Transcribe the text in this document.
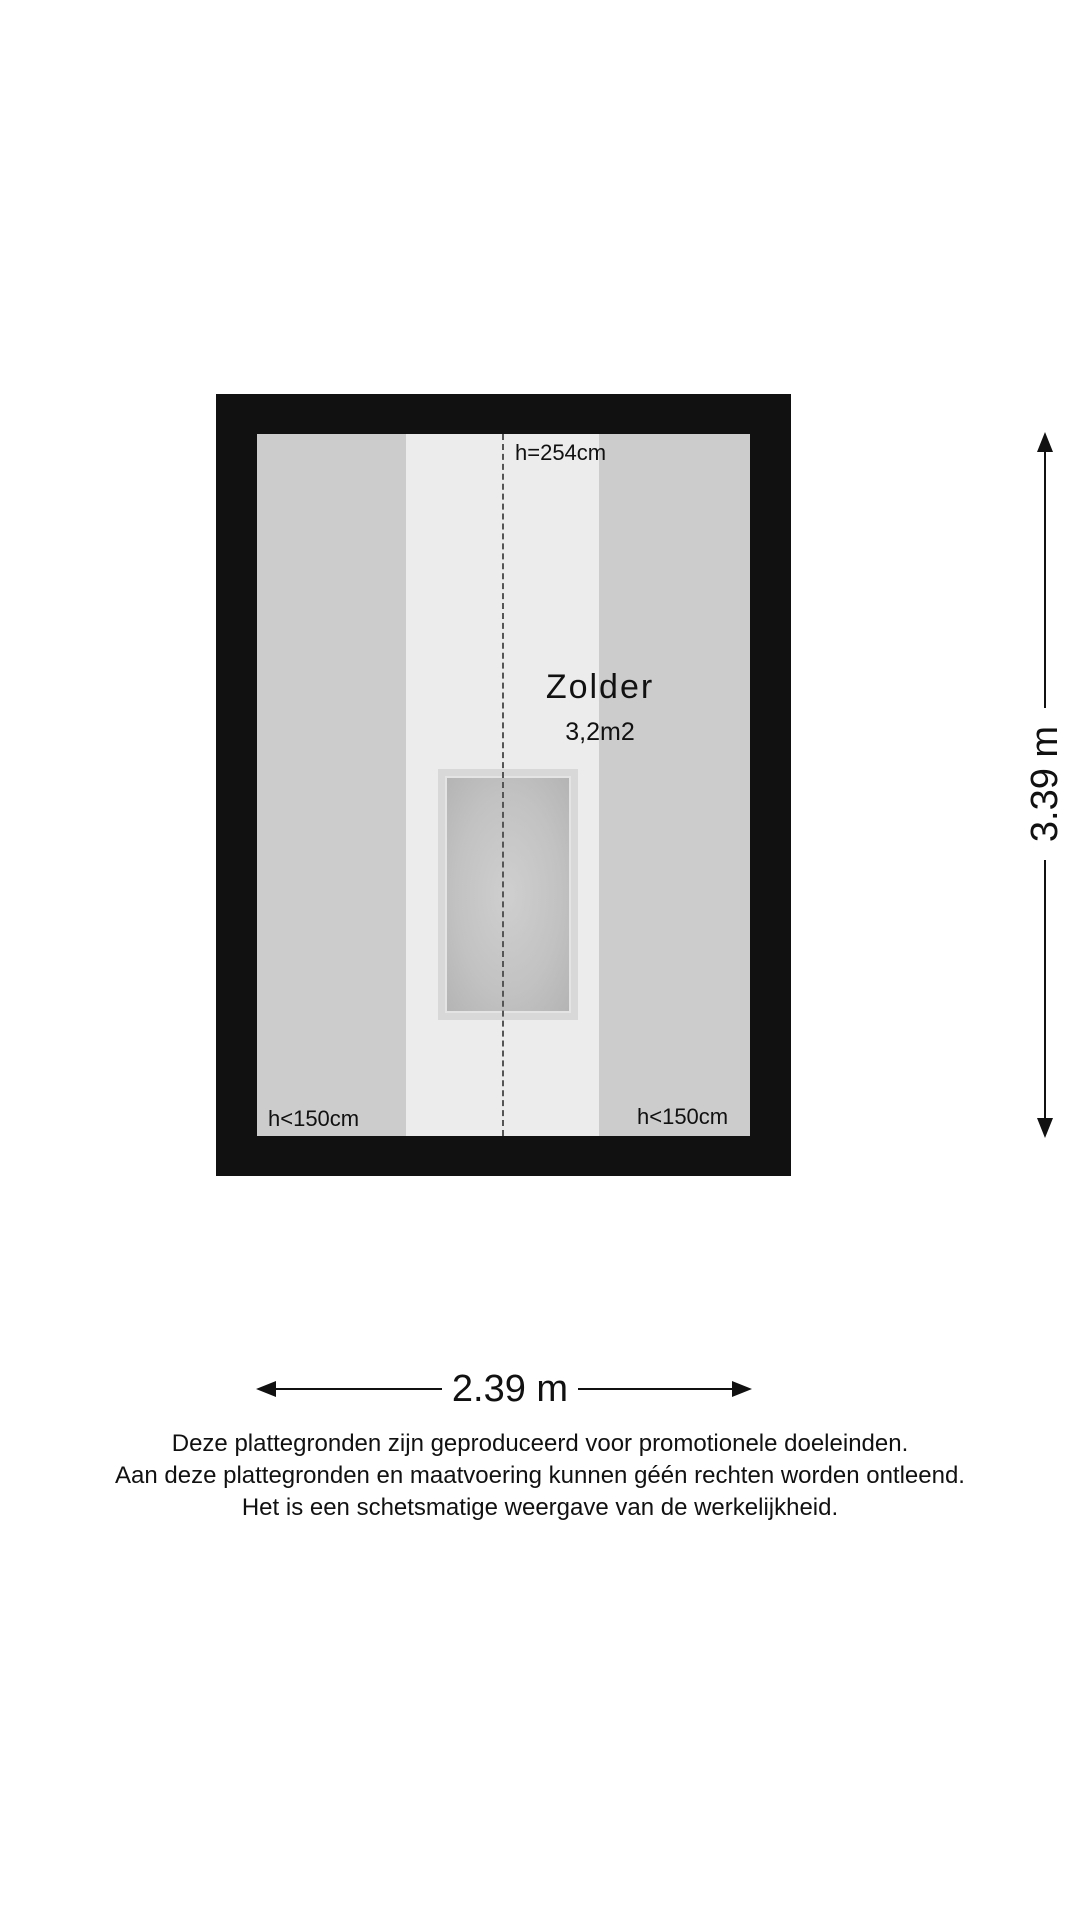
h=254cm
h<150cm	h<150cm
Zolder
3,2m2
2.39 m
3.39 m
Deze plattegronden zijn geproduceerd voor promotionele doeleinden.
Aan deze plattegronden en maatvoering kunnen géén rechten worden ontleend.
Het is een schetsmatige weergave van de werkelijkheid.
